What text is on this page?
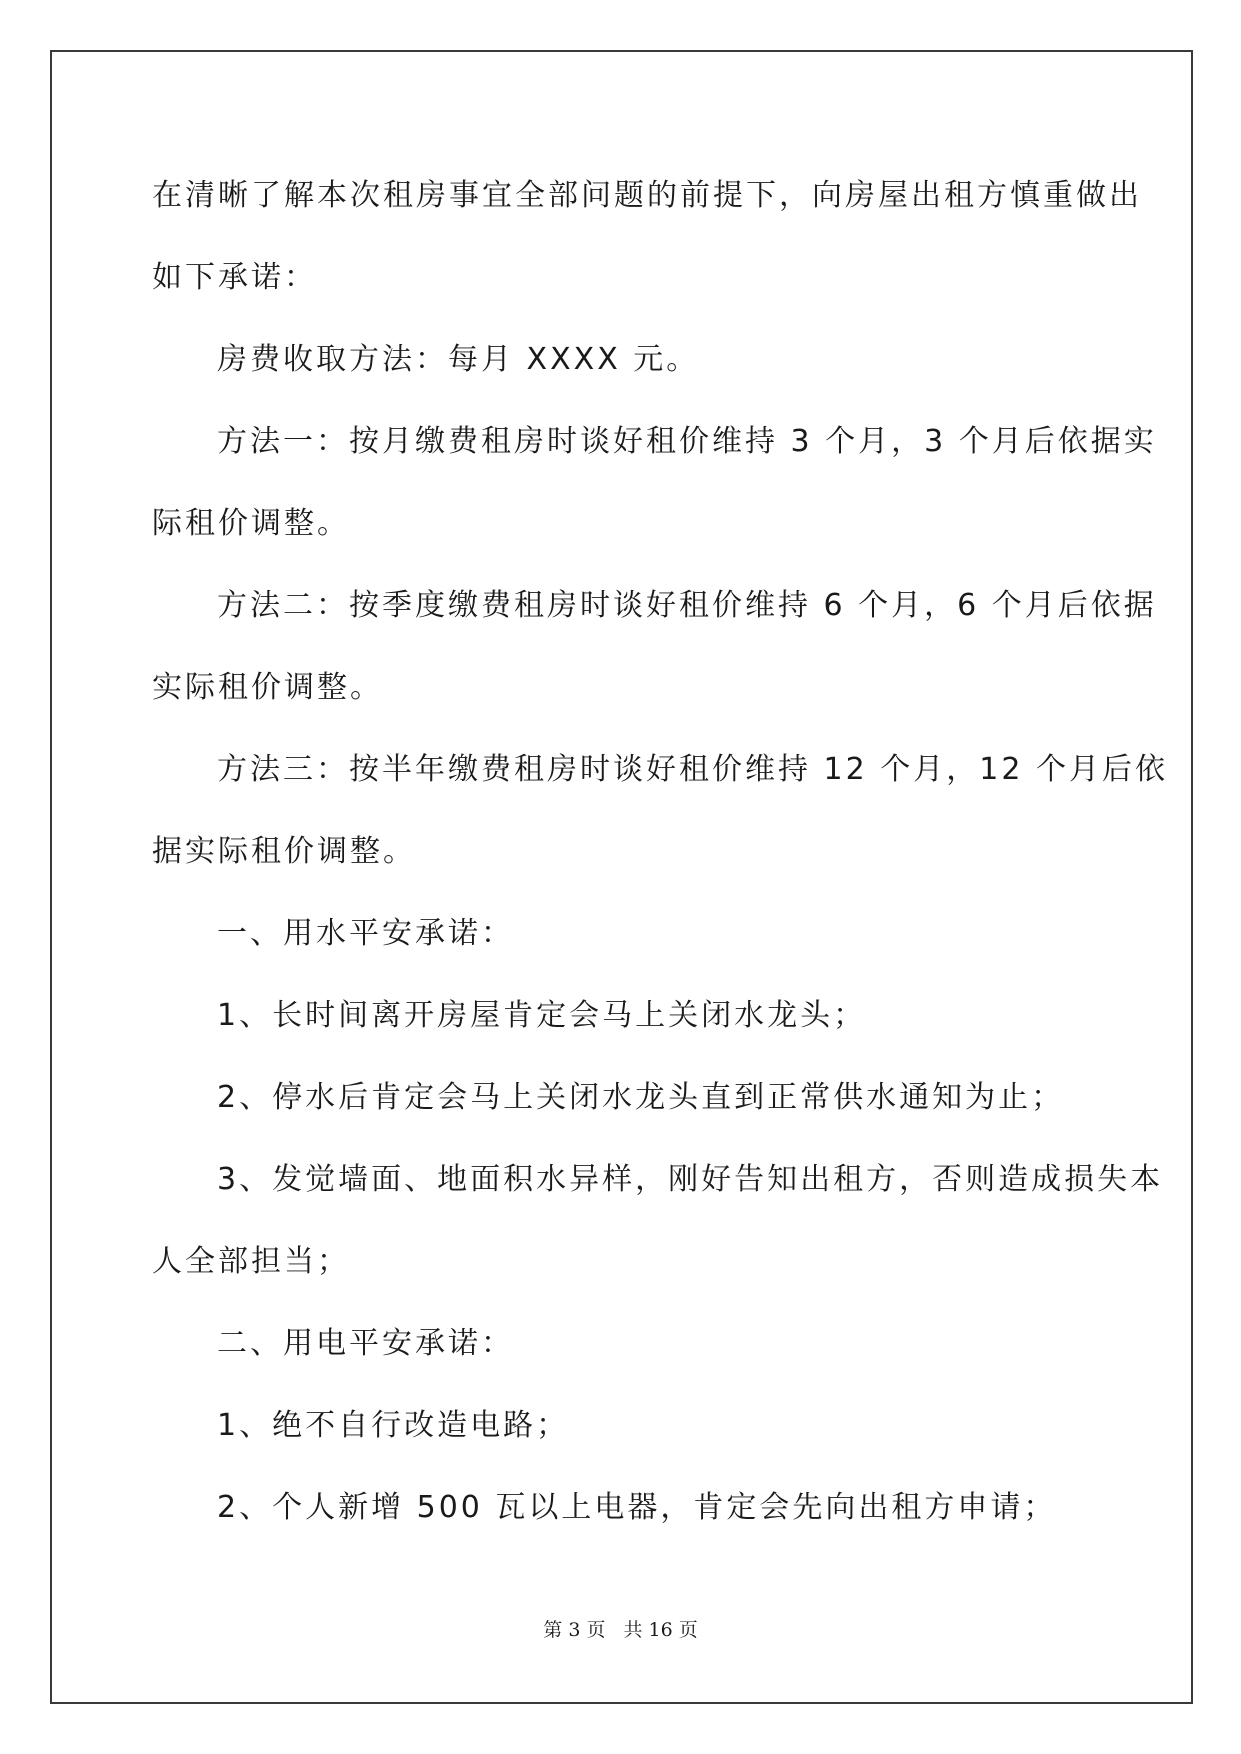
在清晰了解本次租房事宜全部问题的前提下，向房屋出租方慎重做出

如下承诺：

房费收取方法：每月 XXXX 元。

方法一：按月缴费租房时谈好租价维持 3 个月，3 个月后依据实

际租价调整。

方法二：按季度缴费租房时谈好租价维持 6 个月，6 个月后依据

实际租价调整。

方法三：按半年缴费租房时谈好租价维持 12 个月，12 个月后依

据实际租价调整。

一、用水平安承诺：

1、长时间离开房屋肯定会马上关闭水龙头；

2、停水后肯定会马上关闭水龙头直到正常供水通知为止；

3、发觉墙面、地面积水异样，刚好告知出租方，否则造成损失本

人全部担当；

二、用电平安承诺：

1、绝不自行改造电路；

2、个人新增 500 瓦以上电器，肯定会先向出租方申请；

第 3 页 共 16 页
